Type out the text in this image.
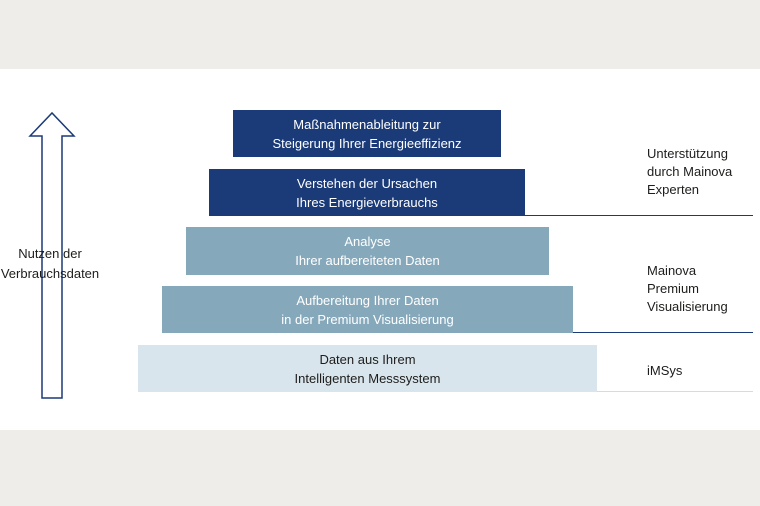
Nutzen der
Verbrauchsdaten
Maßnahmenableitung zur
Steigerung Ihrer Energieeffizienz
Verstehen der Ursachen
Ihres Energieverbrauchs
Analyse
Ihrer aufbereiteten Daten
Aufbereitung Ihrer Daten
in der Premium Visualisierung
Daten aus Ihrem
Intelligenten Messsystem
Unterstützung
durch Mainova
Experten
Mainova
Premium
Visualisierung
iMSys
